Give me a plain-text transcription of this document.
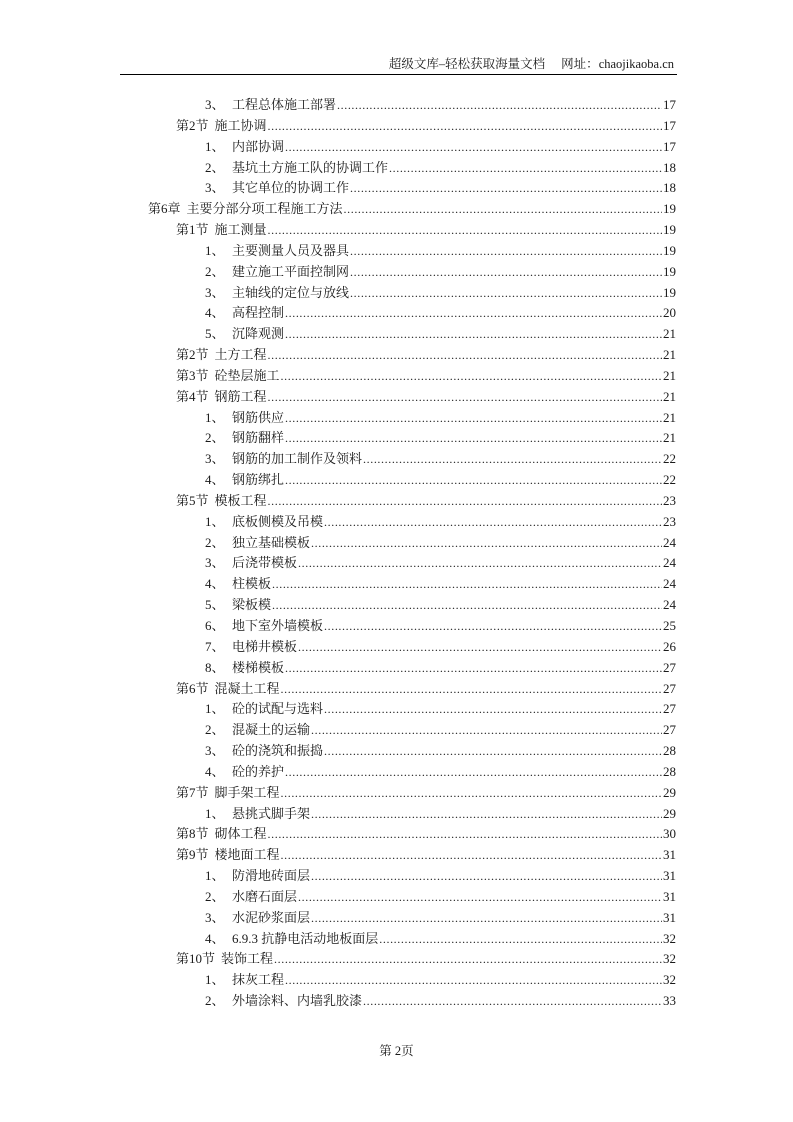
超级文库–轻松获取海量文档 网址：chaojikaoba.cn
3、 工程总体施工部署 .....	17
第2节 施工协调 .....	17
1、 内部协调 .....	17
2、 基坑土方施工队的协调工作 .....	18
3、 其它单位的协调工作 .....	18
第6章 主要分部分项工程施工方法 .....	19
第1节 施工测量 .....	19
1、 主要测量人员及器具 .....	19
2、 建立施工平面控制网 .....	19
3、 主轴线的定位与放线 .....	19
4、 高程控制 .....	20
5、 沉降观测 .....	21
第2节 土方工程 .....	21
第3节 砼垫层施工 .....	21
第4节 钢筋工程 .....	21
1、 钢筋供应 .....	21
2、 钢筋翻样 .....	21
3、 钢筋的加工制作及领料 .....	22
4、 钢筋绑扎 .....	22
第5节 模板工程 .....	23
1、 底板侧模及吊模 .....	23
2、 独立基础模板 .....	24
3、 后浇带模板 .....	24
4、 柱模板 .....	24
5、 梁板模 .....	24
6、 地下室外墙模板 .....	25
7、 电梯井模板 .....	26
8、 楼梯模板 .....	27
第6节 混凝土工程 .....	27
1、 砼的试配与选料 .....	27
2、 混凝土的运输 .....	27
3、 砼的浇筑和振捣 .....	28
4、 砼的养护 .....	28
第7节 脚手架工程 .....	29
1、 悬挑式脚手架 .....	29
第8节 砌体工程 .....	30
第9节 楼地面工程 .....	31
1、 防滑地砖面层 .....	31
2、 水磨石面层 .....	31
3、 水泥砂浆面层 .....	31
4、 6.9.3 抗静电活动地板面层 .....	32
第10节 装饰工程 .....	32
1、 抹灰工程 .....	32
2、 外墙涂料、内墙乳胶漆 .....	33
第 2页
